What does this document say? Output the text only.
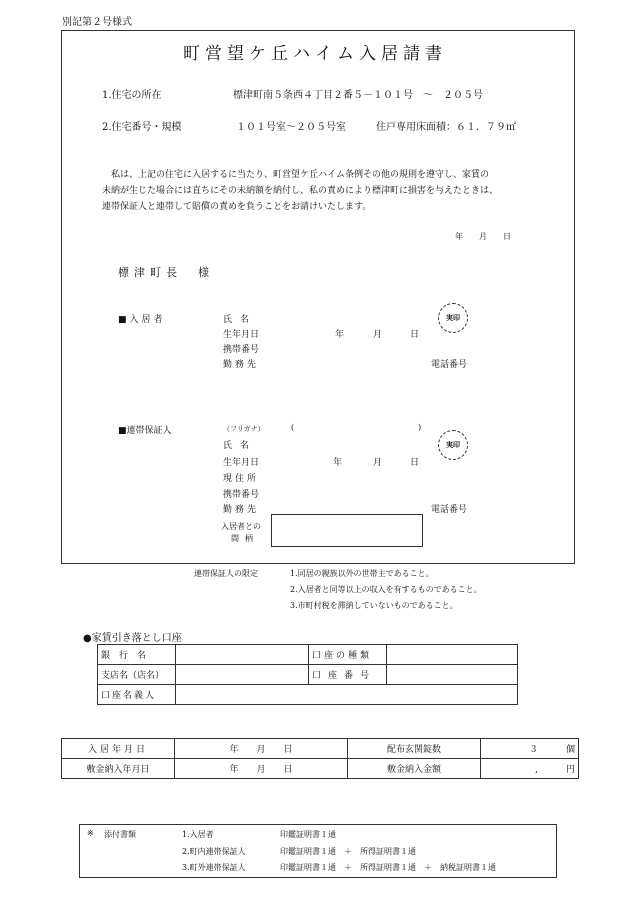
別記第２号様式
町営望ケ丘ハイム入居請書
1.住宅の所在	標津町南５条西４丁目２番５－１０１号　～　２０５号
2.住宅番号・規模	１０１号室～２０５号室	住戸専用床面積：６１．７９㎡
私は、上記の住宅に入居するに当たり、町営望ケ丘ハイム条例その他の規則を遵守し、家賃の
未納が生じた場合には直ちにその未納額を納付し、私の責めにより標津町に損害を与えたときは、
連帯保証人と連帯して賠償の責めを負うことをお請けいたします。
年　　月　　日
標津町長　様
■入居者	氏名
生年月日	年	月	日
携帯番号
勤務先
実印
電話番号
■連帯保証人	（フリガナ）	(	)
氏名
生年月日	年	月	日
現住所
携帯番号
勤務先
実印
電話番号
入居者との
間柄
連帯保証人の限定	1.同居の親族以外の世帯主であること。
2.入居者と同等以上の収入を有するものであること。
3.市町村税を滞納していないものであること。
●家賃引き落とし口座
銀行名		口座の種類	
支店名（店名）		口座番号	
口座名義人			
入居年月日	年　　月　　日	配布玄関錠数	３ 個
敷金納入年月日	年　　月　　日	敷金納入金額	, 円
※ 添付書類	1.入居者	印鑑証明書１通
2.町内連帯保証人	印鑑証明書１通　＋　所得証明書１通
3.町外連帯保証人	印鑑証明書１通　＋　所得証明書１通　＋　納税証明書１通
